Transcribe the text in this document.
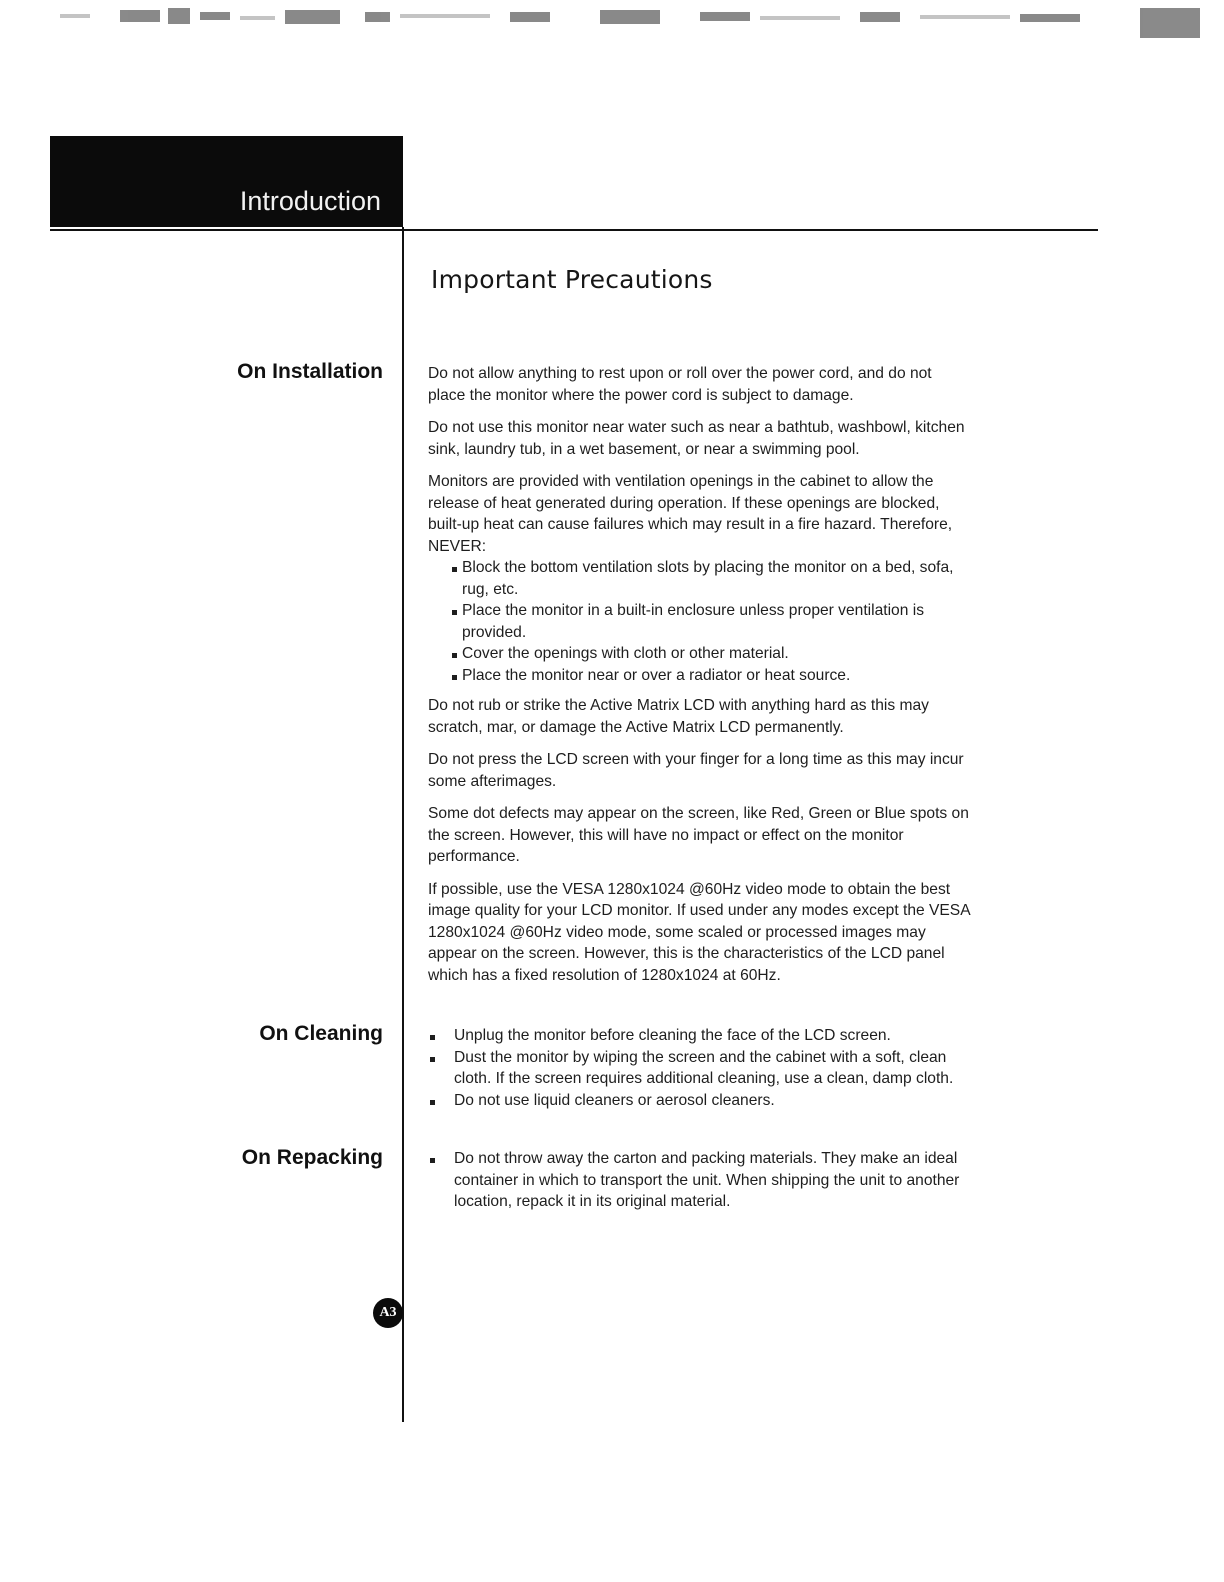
Introduction
Important Precautions
On Installation
On Cleaning
On Repacking

Do not allow anything to rest upon or roll over the power cord, and do not place the monitor where the power cord is subject to damage.

Do not use this monitor near water such as near a bathtub, washbowl, kitchen sink, laundry tub, in a wet basement, or near a swimming pool.

Monitors are provided with ventilation openings in the cabinet to allow the release of heat generated during operation. If these openings are blocked, built-up heat can cause failures which may result in a fire hazard. Therefore, NEVER:

Block the bottom ventilation slots by placing the monitor on a bed, sofa, rug, etc.
Place the monitor in a built-in enclosure unless proper ventilation is provided.
Cover the openings with cloth or other material.
Place the monitor near or over a radiator or heat source.

Do not rub or strike the Active Matrix LCD with anything hard as this may scratch, mar, or damage the Active Matrix LCD permanently.

Do not press the LCD screen with your finger for a long time as this may incur some afterimages.

Some dot defects may appear on the screen, like Red, Green or Blue spots on the screen. However, this will have no impact or effect on the monitor performance.

If possible, use the VESA 1280x1024 @60Hz video mode to obtain the best image quality for your LCD monitor. If used under any modes except the VESA 1280x1024 @60Hz video mode, some scaled or processed images may appear on the screen. However, this is the characteristics of the LCD panel which has a fixed resolution of 1280x1024 at 60Hz.

Unplug the monitor before cleaning the face of the LCD screen.
Dust the monitor by wiping the screen and the cabinet with a soft, clean cloth. If the screen requires additional cleaning, use a clean, damp cloth.
Do not use liquid cleaners or aerosol cleaners.
Do not throw away the carton and packing materials. They make an ideal container in which to transport the unit. When shipping the unit to another location, repack it in its original material.
A3
